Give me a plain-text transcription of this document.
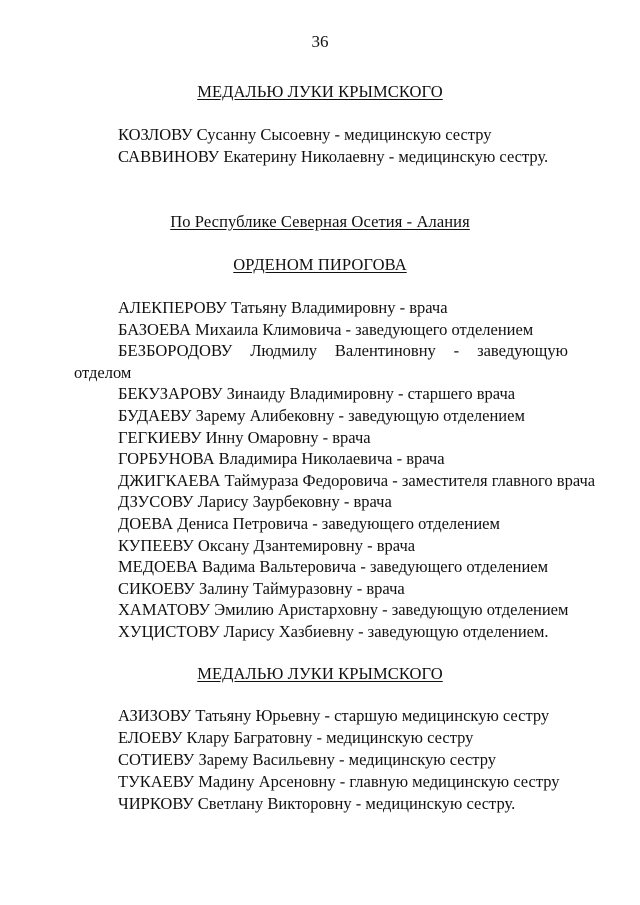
36
МЕДАЛЬЮ ЛУКИ КРЫМСКОГО
КОЗЛОВУ Сусанну Сысоевну - медицинскую сестру
САВВИНОВУ Екатерину Николаевну - медицинскую сестру.
По Республике Северная Осетия - Алания
ОРДЕНОМ ПИРОГОВА
АЛЕКПЕРОВУ Татьяну Владимировну - врача
БАЗОЕВА Михаила Климовича - заведующего отделением
БЕЗБОРОДОВУ Людмилу Валентиновну - заведующую
отделом
БЕКУЗАРОВУ Зинаиду Владимировну - старшего врача
БУДАЕВУ Зарему Алибековну - заведующую отделением
ГЕГКИЕВУ Инну Омаровну - врача
ГОРБУНОВА Владимира Николаевича - врача
ДЖИГКАЕВА Таймураза Федоровича - заместителя главного врача
ДЗУСОВУ Ларису Заурбековну - врача
ДОЕВА Дениса Петровича - заведующего отделением
КУПЕЕВУ Оксану Дзантемировну - врача
МЕДОЕВА Вадима Вальтеровича - заведующего отделением
СИКОЕВУ Залину Таймуразовну - врача
ХАМАТОВУ Эмилию Аристарховну - заведующую отделением
ХУЦИСТОВУ Ларису Хазбиевну - заведующую отделением.
МЕДАЛЬЮ ЛУКИ КРЫМСКОГО
АЗИЗОВУ Татьяну Юрьевну - старшую медицинскую сестру
ЕЛОЕВУ Клару Багратовну - медицинскую сестру
СОТИЕВУ Зарему Васильевну - медицинскую сестру
ТУКАЕВУ Мадину Арсеновну - главную медицинскую сестру
ЧИРКОВУ Светлану Викторовну - медицинскую сестру.
